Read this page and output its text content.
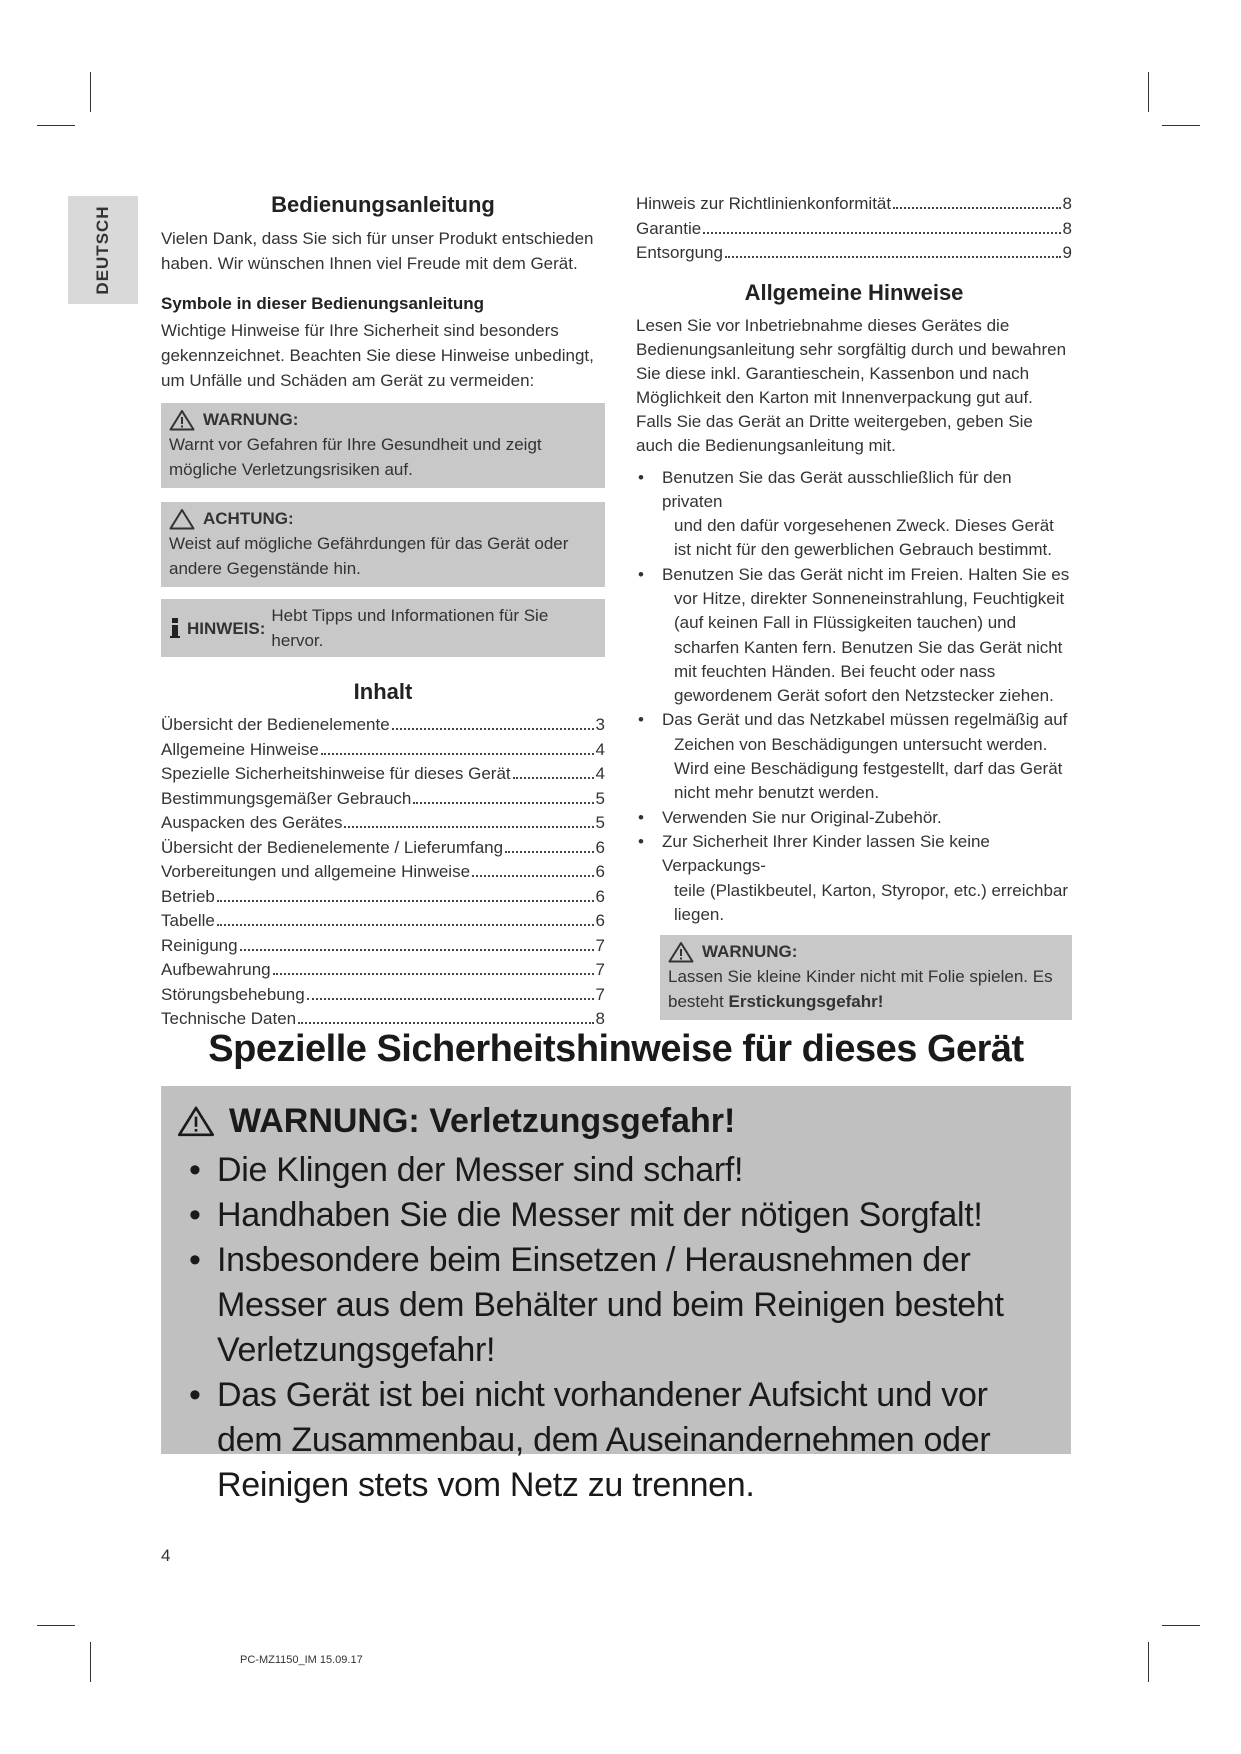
DEUTSCH
Bedienungsanleitung

Vielen Dank, dass Sie sich für unser Produkt entschieden haben. Wir wünschen Ihnen viel Freude mit dem Gerät.

Symbole in dieser Bedienungsanleitung

Wichtige Hinweise für Ihre Sicherheit sind besonders gekennzeichnet. Beachten Sie diese Hinweise unbedingt, um Unfälle und Schäden am Gerät zu vermeiden:

WARNUNG:
Warnt vor Gefahren für Ihre Gesundheit und zeigt mögliche Verletzungsrisiken auf.
ACHTUNG:
Weist auf mögliche Gefährdungen für das Gerät oder andere Gegenstände hin.
HINWEIS:
Hebt Tipps und Informationen für Sie hervor.
Inhalt
Übersicht der Bedienelemente	3
Allgemeine Hinweise	4
Spezielle Sicherheitshinweise für dieses Gerät	4
Bestimmungsgemäßer Gebrauch	5
Auspacken des Gerätes	5
Übersicht der Bedienelemente / Lieferumfang	6
Vorbereitungen und allgemeine Hinweise	6
Betrieb	6
Tabelle	6
Reinigung	7
Aufbewahrung	7
Störungsbehebung	7
Technische Daten	8
Hinweis zur Richtlinienkonformität	8
Garantie	8
Entsorgung	9
Allgemeine Hinweise

Lesen Sie vor Inbetriebnahme dieses Gerätes die Bedienungsanleitung sehr sorgfältig durch und bewahren Sie diese inkl. Garantieschein, Kassenbon und nach Möglichkeit den Karton mit Innenverpackung gut auf. Falls Sie das Gerät an Dritte weitergeben, geben Sie auch die Bedienungsanleitung mit.

• Benutzen Sie das Gerät ausschließlich für den privaten
und den dafür vorgesehenen Zweck. Dieses Gerät ist nicht für den gewerblichen Gebrauch bestimmt.
• Benutzen Sie das Gerät nicht im Freien. Halten Sie es
vor Hitze, direkter Sonneneinstrahlung, Feuchtigkeit (auf keinen Fall in Flüssigkeiten tauchen) und scharfen Kanten fern. Benutzen Sie das Gerät nicht mit feuchten Händen. Bei feucht oder nass gewordenem Gerät sofort den Netzstecker ziehen.
• Das Gerät und das Netzkabel müssen regelmäßig auf
Zeichen von Beschädigungen untersucht werden. Wird eine Beschädigung festgestellt, darf das Gerät nicht mehr benutzt werden.
• Verwenden Sie nur Original-Zubehör.
• Zur Sicherheit Ihrer Kinder lassen Sie keine Verpackungs-
teile (Plastikbeutel, Karton, Styropor, etc.) erreichbar liegen.
WARNUNG:
Lassen Sie kleine Kinder nicht mit Folie spielen. Es besteht Erstickungsgefahr!
Spezielle Sicherheitshinweise für dieses Gerät
WARNUNG: Verletzungsgefahr!
• Die Klingen der Messer sind scharf!
• Handhaben Sie die Messer mit der nötigen Sorgfalt!
• Insbesondere beim Einsetzen / Herausnehmen der Messer aus dem Behälter und beim Reinigen besteht Verletzungsgefahr!
• Das Gerät ist bei nicht vorhandener Aufsicht und vor dem Zusammenbau, dem Auseinandernehmen oder Reinigen stets vom Netz zu trennen.
4
PC-MZ1150_IM 15.09.17
